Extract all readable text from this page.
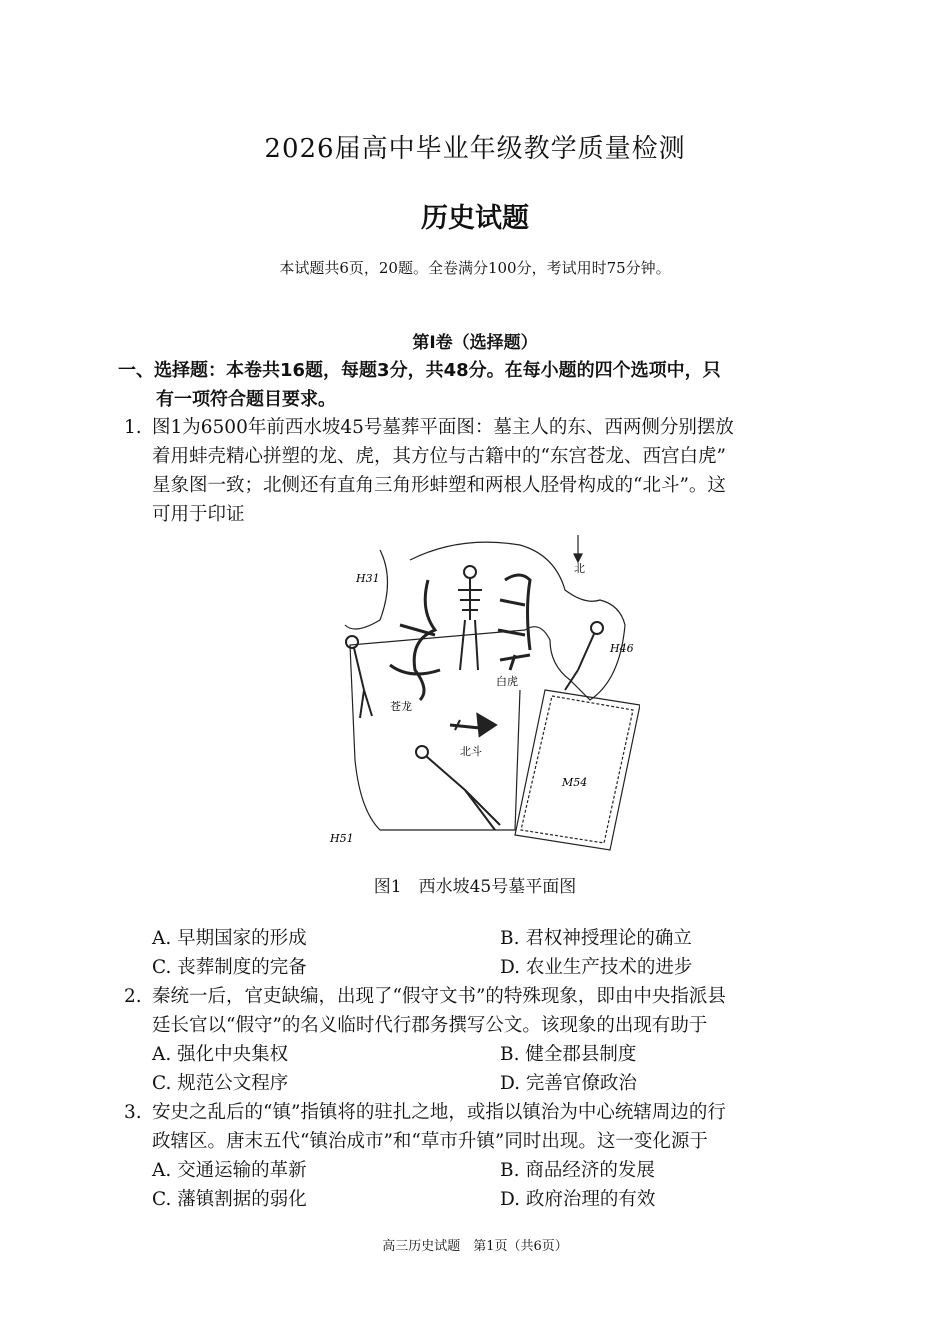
2026届高中毕业年级教学质量检测
历史试题
本试题共6页，20题。全卷满分100分，考试用时75分钟。
第I卷（选择题）
一、选择题：本卷共16题，每题3分，共48分。在每小题的四个选项中，只
有一项符合题目要求。
1. 图1为6500年前西水坡45号墓葬平面图：墓主人的东、西两侧分别摆放
着用蚌壳精心拼塑的龙、虎，其方位与古籍中的“东宫苍龙、西宫白虎”
星象图一致；北侧还有直角三角形蚌塑和两根人胫骨构成的“北斗”。这
可用于印证
H31
H46
H51
M54
北
苍龙
白虎
北斗
图1　西水坡45号墓平面图
A. 早期国家的形成	B. 君权神授理论的确立
C. 丧葬制度的完备	D. 农业生产技术的进步
2. 秦统一后，官吏缺编，出现了“假守文书”的特殊现象，即由中央指派县
廷长官以“假守”的名义临时代行郡务撰写公文。该现象的出现有助于
A. 强化中央集权	B. 健全郡县制度
C. 规范公文程序	D. 完善官僚政治
3. 安史之乱后的“镇”指镇将的驻扎之地，或指以镇治为中心统辖周边的行
政辖区。唐末五代“镇治成市”和“草市升镇”同时出现。这一变化源于
A. 交通运输的革新	B. 商品经济的发展
C. 藩镇割据的弱化	D. 政府治理的有效
高三历史试题　第1页（共6页）
